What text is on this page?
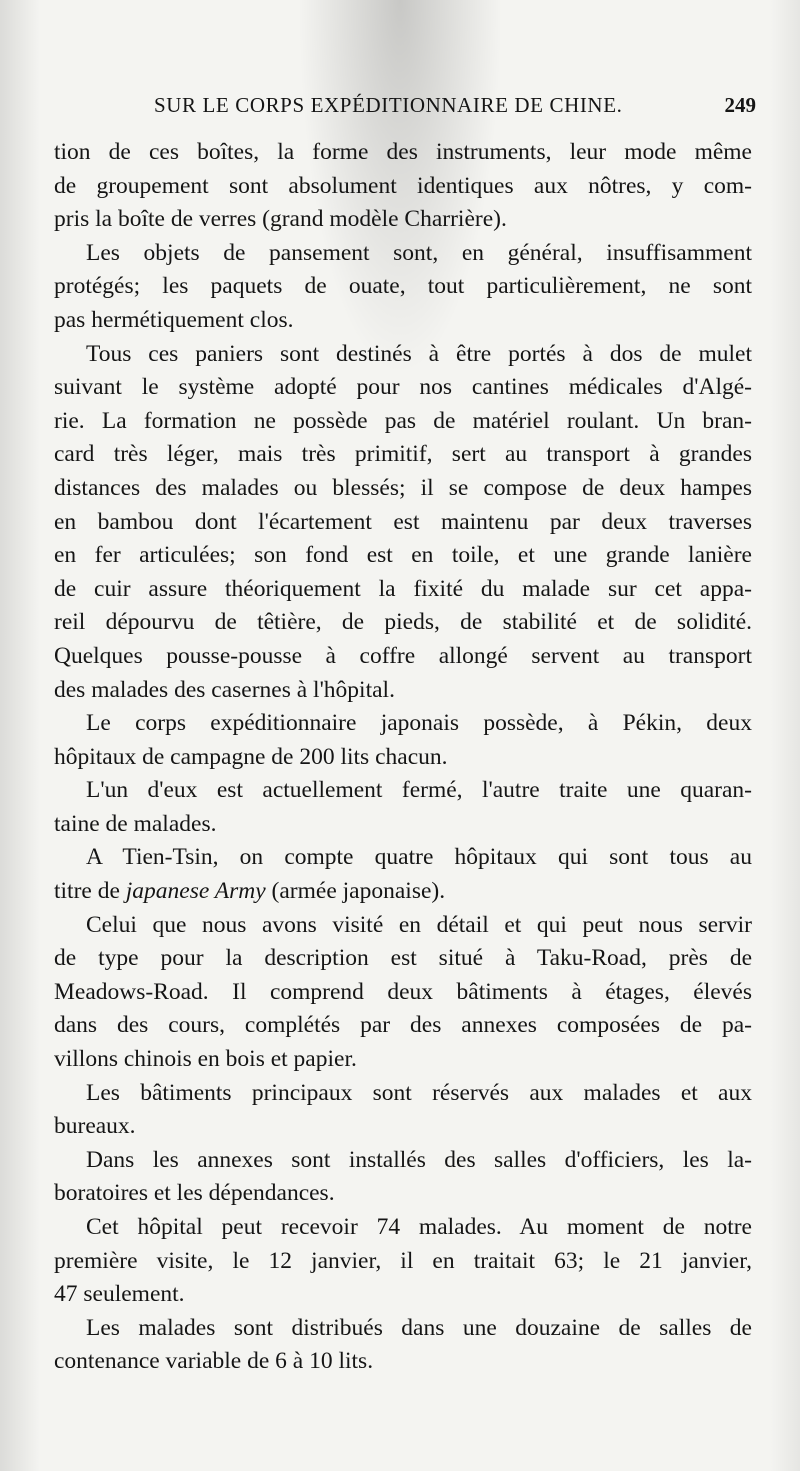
SUR LE CORPS EXPÉDITIONNAIRE DE CHINE.	249
tion de ces boîtes, la forme des instruments, leur mode même
de groupement sont absolument identiques aux nôtres, y com-
pris la boîte de verres (grand modèle Charrière).
Les objets de pansement sont, en général, insuffisamment
protégés; les paquets de ouate, tout particulièrement, ne sont
pas hermétiquement clos.
Tous ces paniers sont destinés à être portés à dos de mulet
suivant le système adopté pour nos cantines médicales d'Algé-
rie. La formation ne possède pas de matériel roulant. Un bran-
card très léger, mais très primitif, sert au transport à grandes
distances des malades ou blessés; il se compose de deux hampes
en bambou dont l'écartement est maintenu par deux traverses
en fer articulées; son fond est en toile, et une grande lanière
de cuir assure théoriquement la fixité du malade sur cet appa-
reil dépourvu de têtière, de pieds, de stabilité et de solidité.
Quelques pousse-pousse à coffre allongé servent au transport
des malades des casernes à l'hôpital.
Le corps expéditionnaire japonais possède, à Pékin, deux
hôpitaux de campagne de 200 lits chacun.
L'un d'eux est actuellement fermé, l'autre traite une quaran-
taine de malades.
A Tien-Tsin, on compte quatre hôpitaux qui sont tous au
titre de japanese Army (armée japonaise).
Celui que nous avons visité en détail et qui peut nous servir
de type pour la description est situé à Taku-Road, près de
Meadows-Road. Il comprend deux bâtiments à étages, élevés
dans des cours, complétés par des annexes composées de pa-
villons chinois en bois et papier.
Les bâtiments principaux sont réservés aux malades et aux
bureaux.
Dans les annexes sont installés des salles d'officiers, les la-
boratoires et les dépendances.
Cet hôpital peut recevoir 74 malades. Au moment de notre
première visite, le 12 janvier, il en traitait 63; le 21 janvier,
47 seulement.
Les malades sont distribués dans une douzaine de salles de
contenance variable de 6 à 10 lits.
